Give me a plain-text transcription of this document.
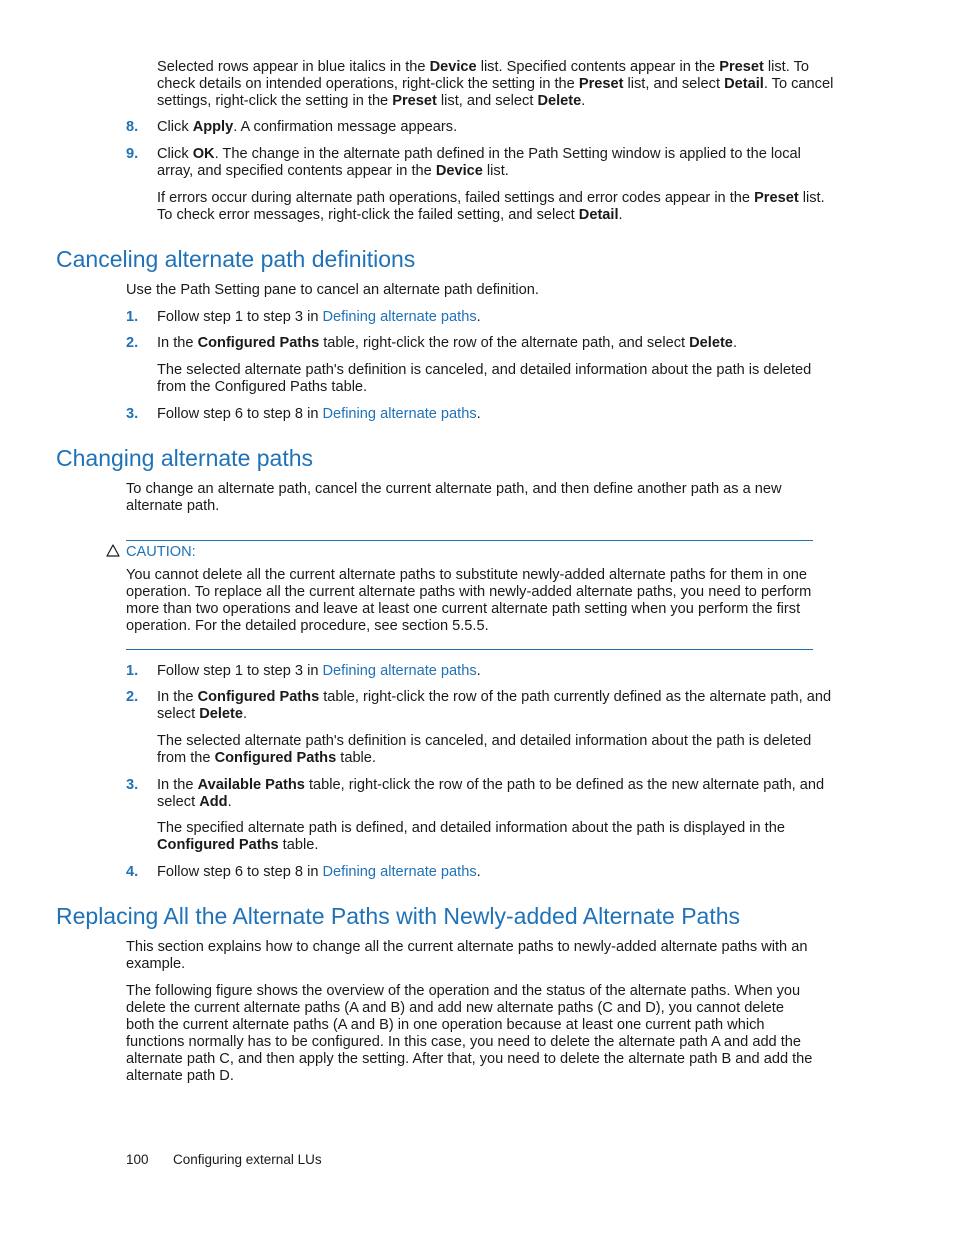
Selected rows appear in blue italics in the Device list. Specified contents appear in the Preset list. To check details on intended operations, right-click the setting in the Preset list, and select Detail. To cancel settings, right-click the setting in the Preset list, and select Delete.

8. Click Apply. A confirmation message appears.

9. Click OK. The change in the alternate path defined in the Path Setting window is applied to the local array, and specified contents appear in the Device list.

If errors occur during alternate path operations, failed settings and error codes appear in the Preset list. To check error messages, right-click the failed setting, and select Detail.

Canceling alternate path definitions

Use the Path Setting pane to cancel an alternate path definition.

1. Follow step 1 to step 3 in Defining alternate paths.

2. In the Configured Paths table, right-click the row of the alternate path, and select Delete.

The selected alternate path's definition is canceled, and detailed information about the path is deleted from the Configured Paths table.

3. Follow step 6 to step 8 in Defining alternate paths.

Changing alternate paths

To change an alternate path, cancel the current alternate path, and then define another path as a new alternate path.

CAUTION:

You cannot delete all the current alternate paths to substitute newly-added alternate paths for them in one operation. To replace all the current alternate paths with newly-added alternate paths, you need to perform more than two operations and leave at least one current alternate path setting when you perform the first operation. For the detailed procedure, see section 5.5.5.

1. Follow step 1 to step 3 in Defining alternate paths.

2. In the Configured Paths table, right-click the row of the path currently defined as the alternate path, and select Delete.

The selected alternate path's definition is canceled, and detailed information about the path is deleted from the Configured Paths table.

3. In the Available Paths table, right-click the row of the path to be defined as the new alternate path, and select Add.

The specified alternate path is defined, and detailed information about the path is displayed in the Configured Paths table.

4. Follow step 6 to step 8 in Defining alternate paths.

Replacing All the Alternate Paths with Newly-added Alternate Paths

This section explains how to change all the current alternate paths to newly-added alternate paths with an example.

The following figure shows the overview of the operation and the status of the alternate paths. When you delete the current alternate paths (A and B) and add new alternate paths (C and D), you cannot delete both the current alternate paths (A and B) in one operation because at least one current path which functions normally has to be configured. In this case, you need to delete the alternate path A and add the alternate path C, and then apply the setting. After that, you need to delete the alternate path B and add the alternate path D.

100 Configuring external LUs
